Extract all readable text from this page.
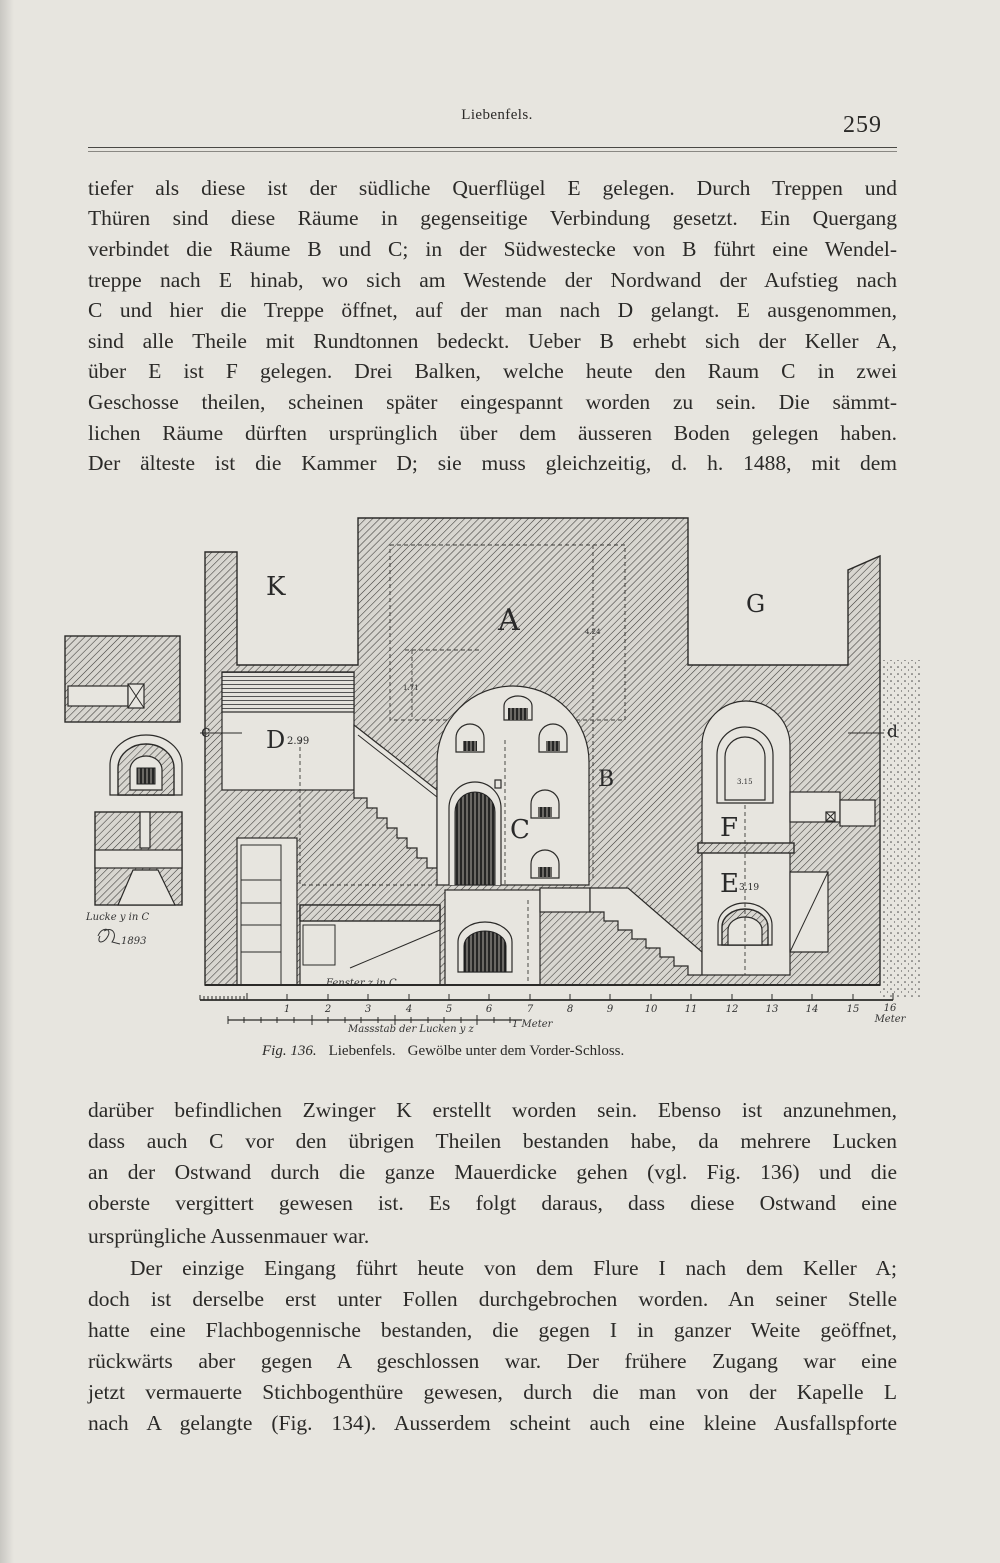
Liebenfels.	259
tiefer als diese ist der südliche Querflügel E gelegen. Durch Treppen und
Thüren sind diese Räume in gegenseitige Verbindung gesetzt. Ein Quergang
verbindet die Räume B und C; in der Südwestecke von B führt eine Wendel-
treppe nach E hinab, wo sich am Westende der Nordwand der Aufstieg nach
C und hier die Treppe öffnet, auf der man nach D gelangt. E ausgenommen,
sind alle Theile mit Rundtonnen bedeckt. Ueber B erhebt sich der Keller A,
über E ist F gelegen. Drei Balken, welche heute den Raum C in zwei
Geschosse theilen, scheinen später eingespannt worden zu sein. Die sämmt-
lichen Räume dürften ursprünglich über dem äusseren Boden gelegen haben.
Der älteste ist die Kammer D; sie muss gleichzeitig, d. h. 1488, mit dem
Lucke y in C
1893
Fenster z in C
K
A	G
D 2.99
C
B
F
E 3.19
c	d
4.24
1.71
3.15
1	2	3	4	5	6	7	8	9	10	11	12	13	14	15 16
Meter
Massstab der Lucken y z	1 Meter
Fig. 136. Liebenfels. Gewölbe unter dem Vorder-Schloss.
darüber befindlichen Zwinger K erstellt worden sein. Ebenso ist anzunehmen,
dass auch C vor den übrigen Theilen bestanden habe, da mehrere Lucken
an der Ostwand durch die ganze Mauerdicke gehen (vgl. Fig. 136) und die
oberste vergittert gewesen ist. Es folgt daraus, dass diese Ostwand eine
ursprüngliche Aussenmauer war.
Der einzige Eingang führt heute von dem Flure I nach dem Keller A;
doch ist derselbe erst unter Follen durchgebrochen worden. An seiner Stelle
hatte eine Flachbogennische bestanden, die gegen I in ganzer Weite geöffnet,
rückwärts aber gegen A geschlossen war. Der frühere Zugang war eine
jetzt vermauerte Stichbogenthüre gewesen, durch die man von der Kapelle L
nach A gelangte (Fig. 134). Ausserdem scheint auch eine kleine Ausfallspforte
